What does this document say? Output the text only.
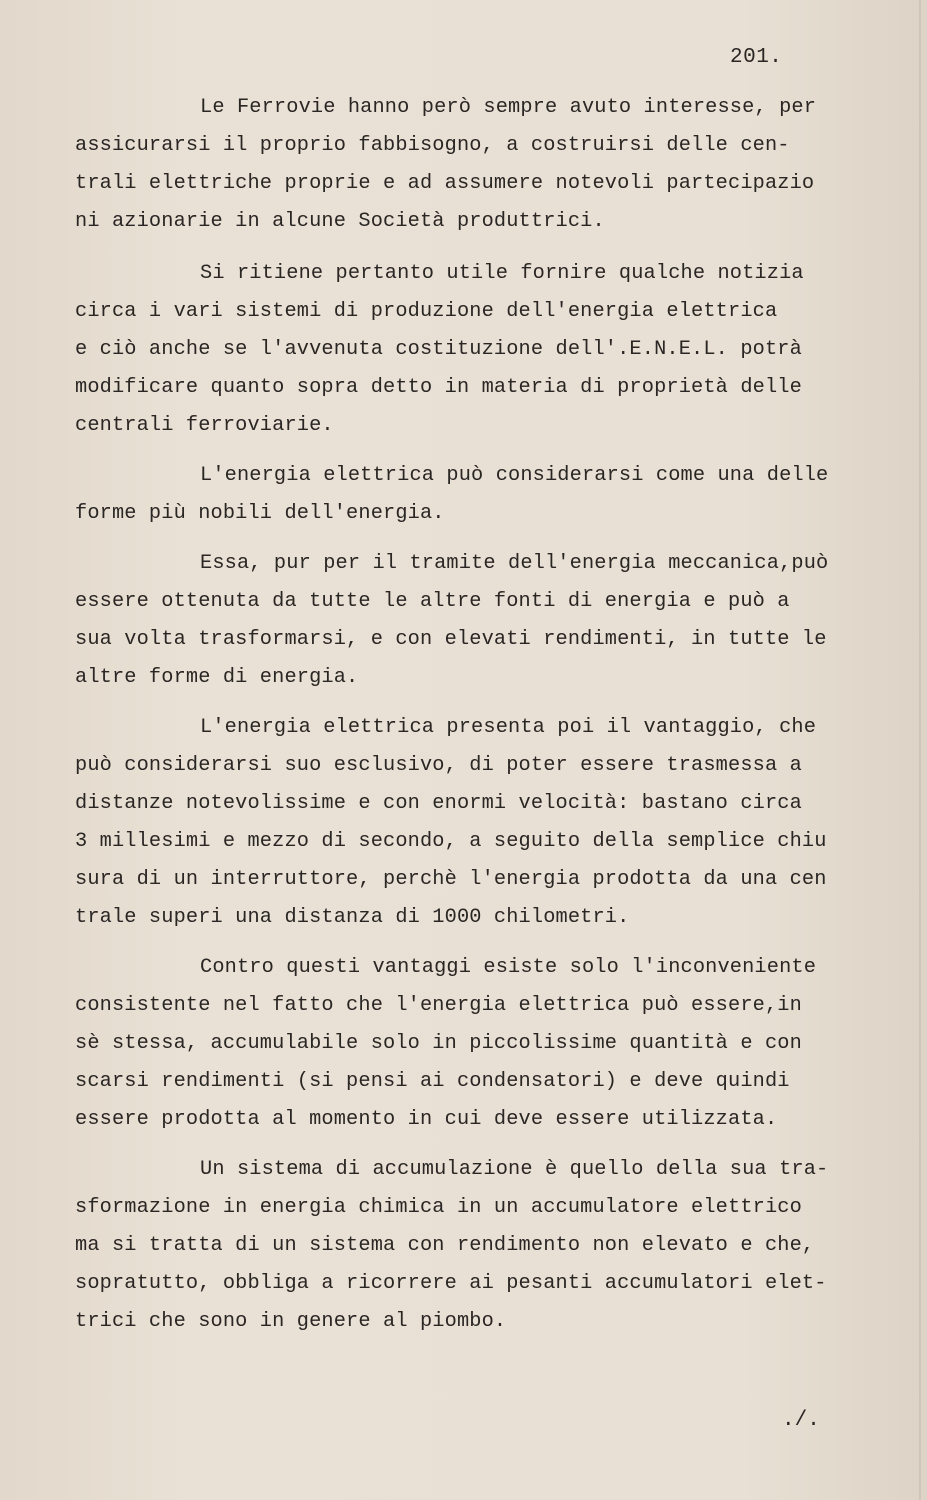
201.
Le Ferrovie hanno però sempre avuto interesse, per
assicurarsi il proprio fabbisogno, a costruirsi delle cen-
trali elettriche proprie e ad assumere notevoli partecipazio
ni azionarie in alcune Società produttrici.
Si ritiene pertanto utile fornire qualche notizia
circa i vari sistemi di produzione dell'energia elettrica
e ciò anche se l'avvenuta costituzione dell'.E.N.E.L. potrà
modificare quanto sopra detto in materia di proprietà delle
centrali ferroviarie.
L'energia elettrica può considerarsi come una delle
forme più nobili dell'energia.
Essa, pur per il tramite dell'energia meccanica,può
essere ottenuta da tutte le altre fonti di energia e può a
sua volta trasformarsi, e con elevati rendimenti, in tutte le
altre forme di energia.
L'energia elettrica presenta poi il vantaggio, che
può considerarsi suo esclusivo, di poter essere trasmessa a
distanze notevolissime e con enormi velocità: bastano circa
3 millesimi e mezzo di secondo, a seguito della semplice chiu
sura di un interruttore, perchè l'energia prodotta da una cen
trale superi una distanza di 1000 chilometri.
Contro questi vantaggi esiste solo l'inconveniente
consistente nel fatto che l'energia elettrica può essere,in
sè stessa, accumulabile solo in piccolissime quantità e con
scarsi rendimenti (si pensi ai condensatori) e deve quindi
essere prodotta al momento in cui deve essere utilizzata.
Un sistema di accumulazione è quello della sua tra-
sformazione in energia chimica in un accumulatore elettrico
ma si tratta di un sistema con rendimento non elevato e che,
sopratutto, obbliga a ricorrere ai pesanti accumulatori elet-
trici che sono in genere al piombo.
./.
